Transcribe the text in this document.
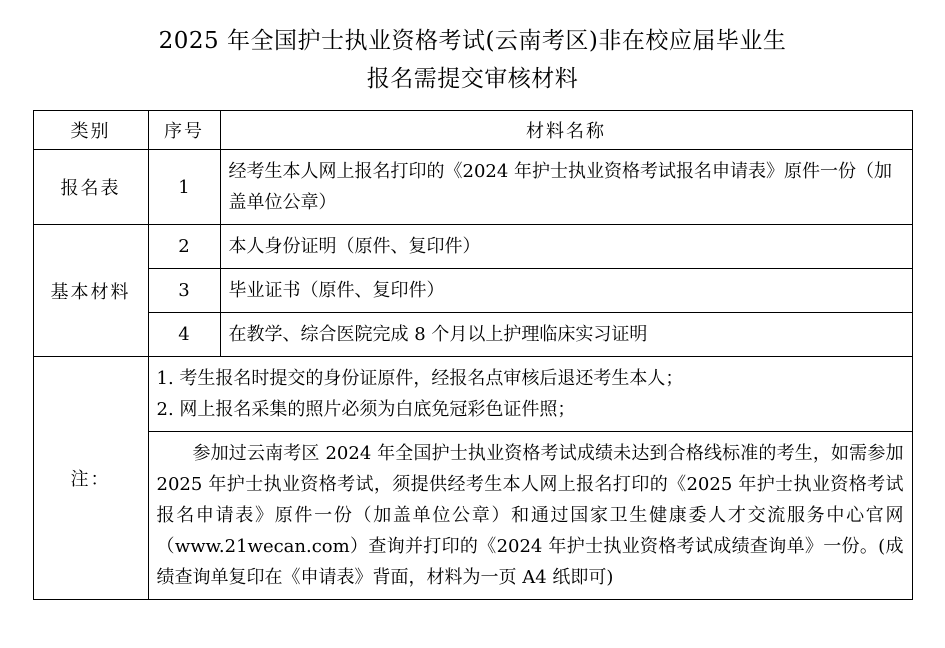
2025 年全国护士执业资格考试(云南考区)非在校应届毕业生
报名需提交审核材料
类别	序号	材料名称
报名表	1	经考生本人网上报名打印的《2024 年护士执业资格考试报名申请表》原件一份（加盖单位公章）
基本材料	2	本人身份证明（原件、复印件）
	3	毕业证书（原件、复印件）
	4	在教学、综合医院完成 8 个月以上护理临床实习证明
注：	1. 考生报名时提交的身份证原件，经报名点审核后退还考生本人；
2. 网上报名采集的照片必须为白底免冠彩色证件照；	

	参加过云南考区 2024 年全国护士执业资格考试成绩未达到合格线标准的考生，如需参加 2025 年护士执业资格考试，须提供经考生本人网上报名打印的《2025 年护士执业资格考试报名申请表》原件一份（加盖单位公章）和通过国家卫生健康委人才交流服务中心官网（www.21wecan.com）查询并打印的《2024 年护士执业资格考试成绩查询单》一份。(成绩查询单复印在《申请表》背面，材料为一页 A4 纸即可)	
